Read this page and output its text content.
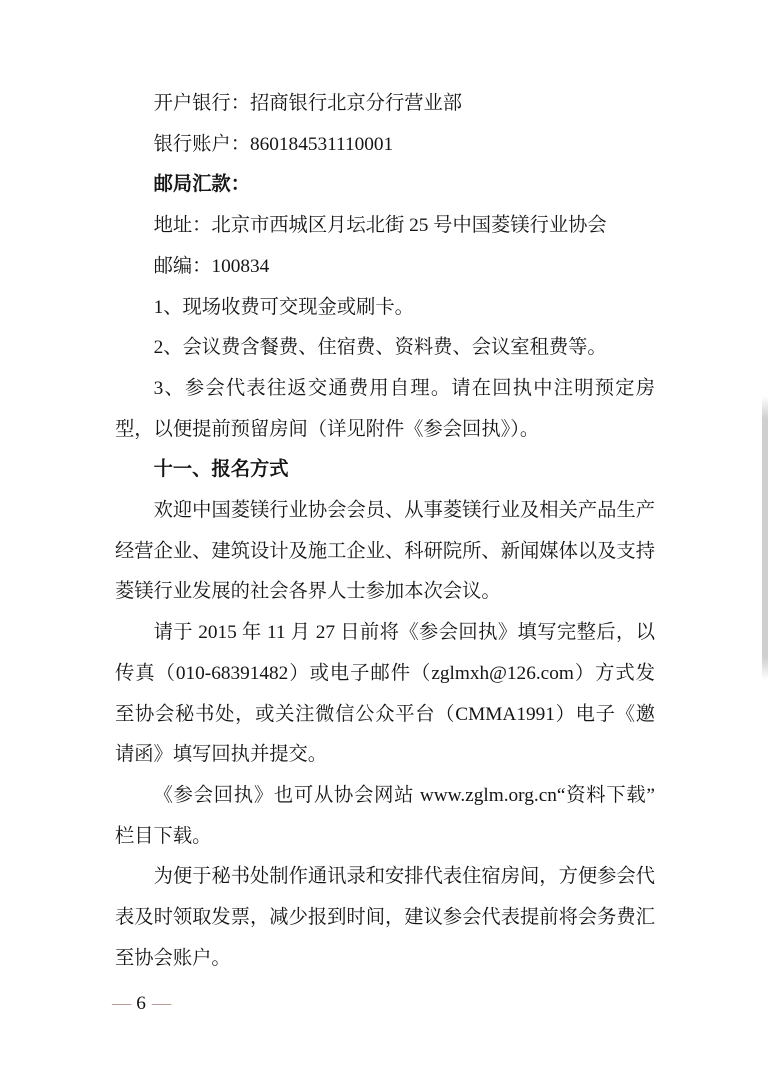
开户银行：招商银行北京分行营业部

银行账户：860184531110001

邮局汇款：

地址：北京市西城区月坛北街 25 号中国菱镁行业协会

邮编：100834

1、现场收费可交现金或刷卡。

2、会议费含餐费、住宿费、资料费、会议室租费等。

3、参会代表往返交通费用自理。请在回执中注明预定房型，以便提前预留房间（详见附件《参会回执》）。

十一、报名方式

欢迎中国菱镁行业协会会员、从事菱镁行业及相关产品生产经营企业、建筑设计及施工企业、科研院所、新闻媒体以及支持菱镁行业发展的社会各界人士参加本次会议。

请于 2015 年 11 月 27 日前将《参会回执》填写完整后，以传真（010-68391482）或电子邮件（zglmxh@126.com）方式发至协会秘书处，或关注微信公众平台（CMMA1991）电子《邀请函》填写回执并提交。

《参会回执》也可从协会网站 www.zglm.org.cn“资料下载”栏目下载。

为便于秘书处制作通讯录和安排代表住宿房间，方便参会代表及时领取发票，减少报到时间，建议参会代表提前将会务费汇至协会账户。

— 6 —
